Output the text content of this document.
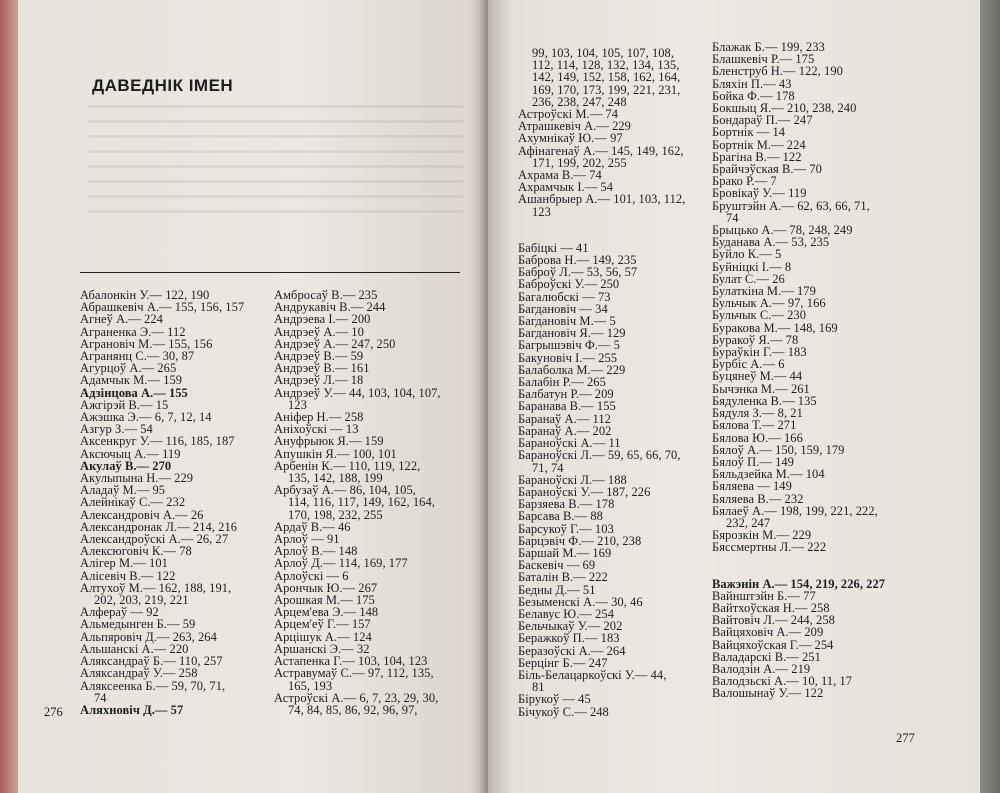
ДАВЕДНІК ІМЕН
Абалонкін У.— 122, 190
Абрашкевіч А.— 155, 156, 157
Агнеў А.— 224
Аграненка Э.— 112
Аграновіч М.— 155, 156
Агранянц С.— 30, 87
Агурцоў А.— 265
Адамчык М.— 159
Адзінцова А.— 155
Ажгірэй В.— 15
Ажэшка Э.— 6, 7, 12, 14
Азгур З.— 54
Аксенкруг У.— 116, 185, 187
Аксючыц А.— 119
Акулаў В.— 270
Акулыпына Н.— 229
Аладаў М.— 95
Алейнікаў С.— 232
Александровіч А.— 26
Александронак Л.— 214, 216
Александроўскі А.— 26, 27
Алексюговіч К.— 78
Алігер М.— 101
Алісевіч В.— 122
Алтухоў М.— 162, 188, 191,
202, 203, 219, 221
Алфераў — 92
Альмедынген Б.— 59
Альпяровіч Д.— 263, 264
Альшанскі А.— 220
Аляксандраў Б.— 110, 257
Аляксандраў У.— 258
Аляксеенка Б.— 59, 70, 71,
74
Аляхновіч Д.— 57
Амбросаў В.— 235
Андрукавіч В.— 244
Андрэева І.— 200
Андрэеў А.— 10
Андрэеў А.— 247, 250
Андрэеў В.— 59
Андрэеў В.— 161
Андрэеў Л.— 18
Андрэеў У.— 44, 103, 104, 107,
123
Аніфер Н.— 258
Аніхоўскі — 13
Ануфрыюк Я.— 159
Апушкін Я.— 100, 101
Арбенін К.— 110, 119, 122,
135, 142, 188, 199
Арбузаў А.— 86, 104, 105,
114, 116, 117, 149, 162, 164,
170, 198, 232, 255
Ардаў В.— 46
Арлоў — 91
Арлоў В.— 148
Арлоў Д.— 114, 169, 177
Арлоўскі — 6
Арончык Ю.— 267
Арошкая М.— 175
Арцем'ева Э.— 148
Арцем'еў Г.— 157
Арцішук А.— 124
Аршанскі Э.— 32
Астапенка Г.— 103, 104, 123
Астравумаў С.— 97, 112, 135,
165, 193
Астроўскі А.— 6, 7, 23, 29, 30,
74, 84, 85, 86, 92, 96, 97,
276
99, 103, 104, 105, 107, 108,
112, 114, 128, 132, 134, 135,
142, 149, 152, 158, 162, 164,
169, 170, 173, 199, 221, 231,
236, 238, 247, 248
Астроўскі М.— 74
Атрашкевіч А.— 229
Ахумнікаў Ю.— 97
Афінагенаў А.— 145, 149, 162,
171, 199, 202, 255
Ахрама В.— 74
Ахрамчык І.— 54
Ашанбрыер А.— 101, 103, 112,
123
Бабіцкі — 41
Баброва Н.— 149, 235
Баброў Л.— 53, 56, 57
Баброўскі У.— 250
Багалюбскі — 73
Багдановіч — 34
Багдановіч М.— 5
Багдановіч Я.— 129
Багрышэвіч Ф.— 5
Бакуновіч І.— 255
Балаболка М.— 229
Балабін Р.— 265
Балбатун Р.— 209
Баранава В.— 155
Баранаў А.— 112
Баранаў А.— 202
Бараноўскі А.— 11
Бараноўскі Л.— 59, 65, 66, 70,
71, 74
Бараноўскі Л.— 188
Бараноўскі У.— 187, 226
Барзяева В.— 178
Барсава В.— 88
Барсукоў Г.— 103
Барцэвіч Ф.— 210, 238
Баршай М.— 169
Баскевіч — 69
Баталін В.— 222
Бедны Д.— 51
Безыменскі А.— 30, 46
Белавус Ю.— 254
Бельчыкаў У.— 202
Беражкоў П.— 183
Беразоўскі А.— 264
Берцінг Б.— 247
Біль-Белацаркоўскі У.— 44,
81
Бірукоў — 45
Бічукоў С.— 248
Блажак Б.— 199, 233
Блашкевіч Р.— 175
Бленструб Н.— 122, 190
Бляхін П.— 43
Бойка Ф.— 178
Бокшыц Я.— 210, 238, 240
Бондараў П.— 247
Бортнік — 14
Бортнік М.— 224
Брагіна В.— 122
Брайчэўская В.— 70
Брако Р.— 7
Бровікаў У.— 119
Бруштэйн А.— 62, 63, 66, 71,
74
Брыцько А.— 78, 248, 249
Буданава А.— 53, 235
Буйло К.— 5
Буйніцкі І.— 8
Булат С.— 26
Булаткіна М.— 179
Бульчык А.— 97, 166
Бульчык С.— 230
Буракова М.— 148, 169
Буракоў Я.— 78
Бураўкін Г.— 183
Бурбіс А.— 6
Буцянеў М.— 44
Бычэнка М.— 261
Бядуленка В.— 135
Бядуля З.— 8, 21
Бялова Т.— 271
Бялова Ю.— 166
Бялоў А.— 150, 159, 179
Бялоў П.— 149
Бяльдзейка М.— 104
Бяляева — 149
Бяляева В.— 232
Бялаеў А.— 198, 199, 221, 222,
232, 247
Бярозкін М.— 229
Бяссмертны Л.— 222
Важэнін А.— 154, 219, 226, 227
Вайнштэйн Б.— 77
Вайтхоўская Н.— 258
Вайтовіч Л.— 244, 258
Вайцяховіч А.— 209
Вайцяхоўская Г.— 254
Валадарскі В.— 251
Валодзін А.— 219
Валодзьскі А.— 10, 11, 17
Валошынаў У.— 122
277
